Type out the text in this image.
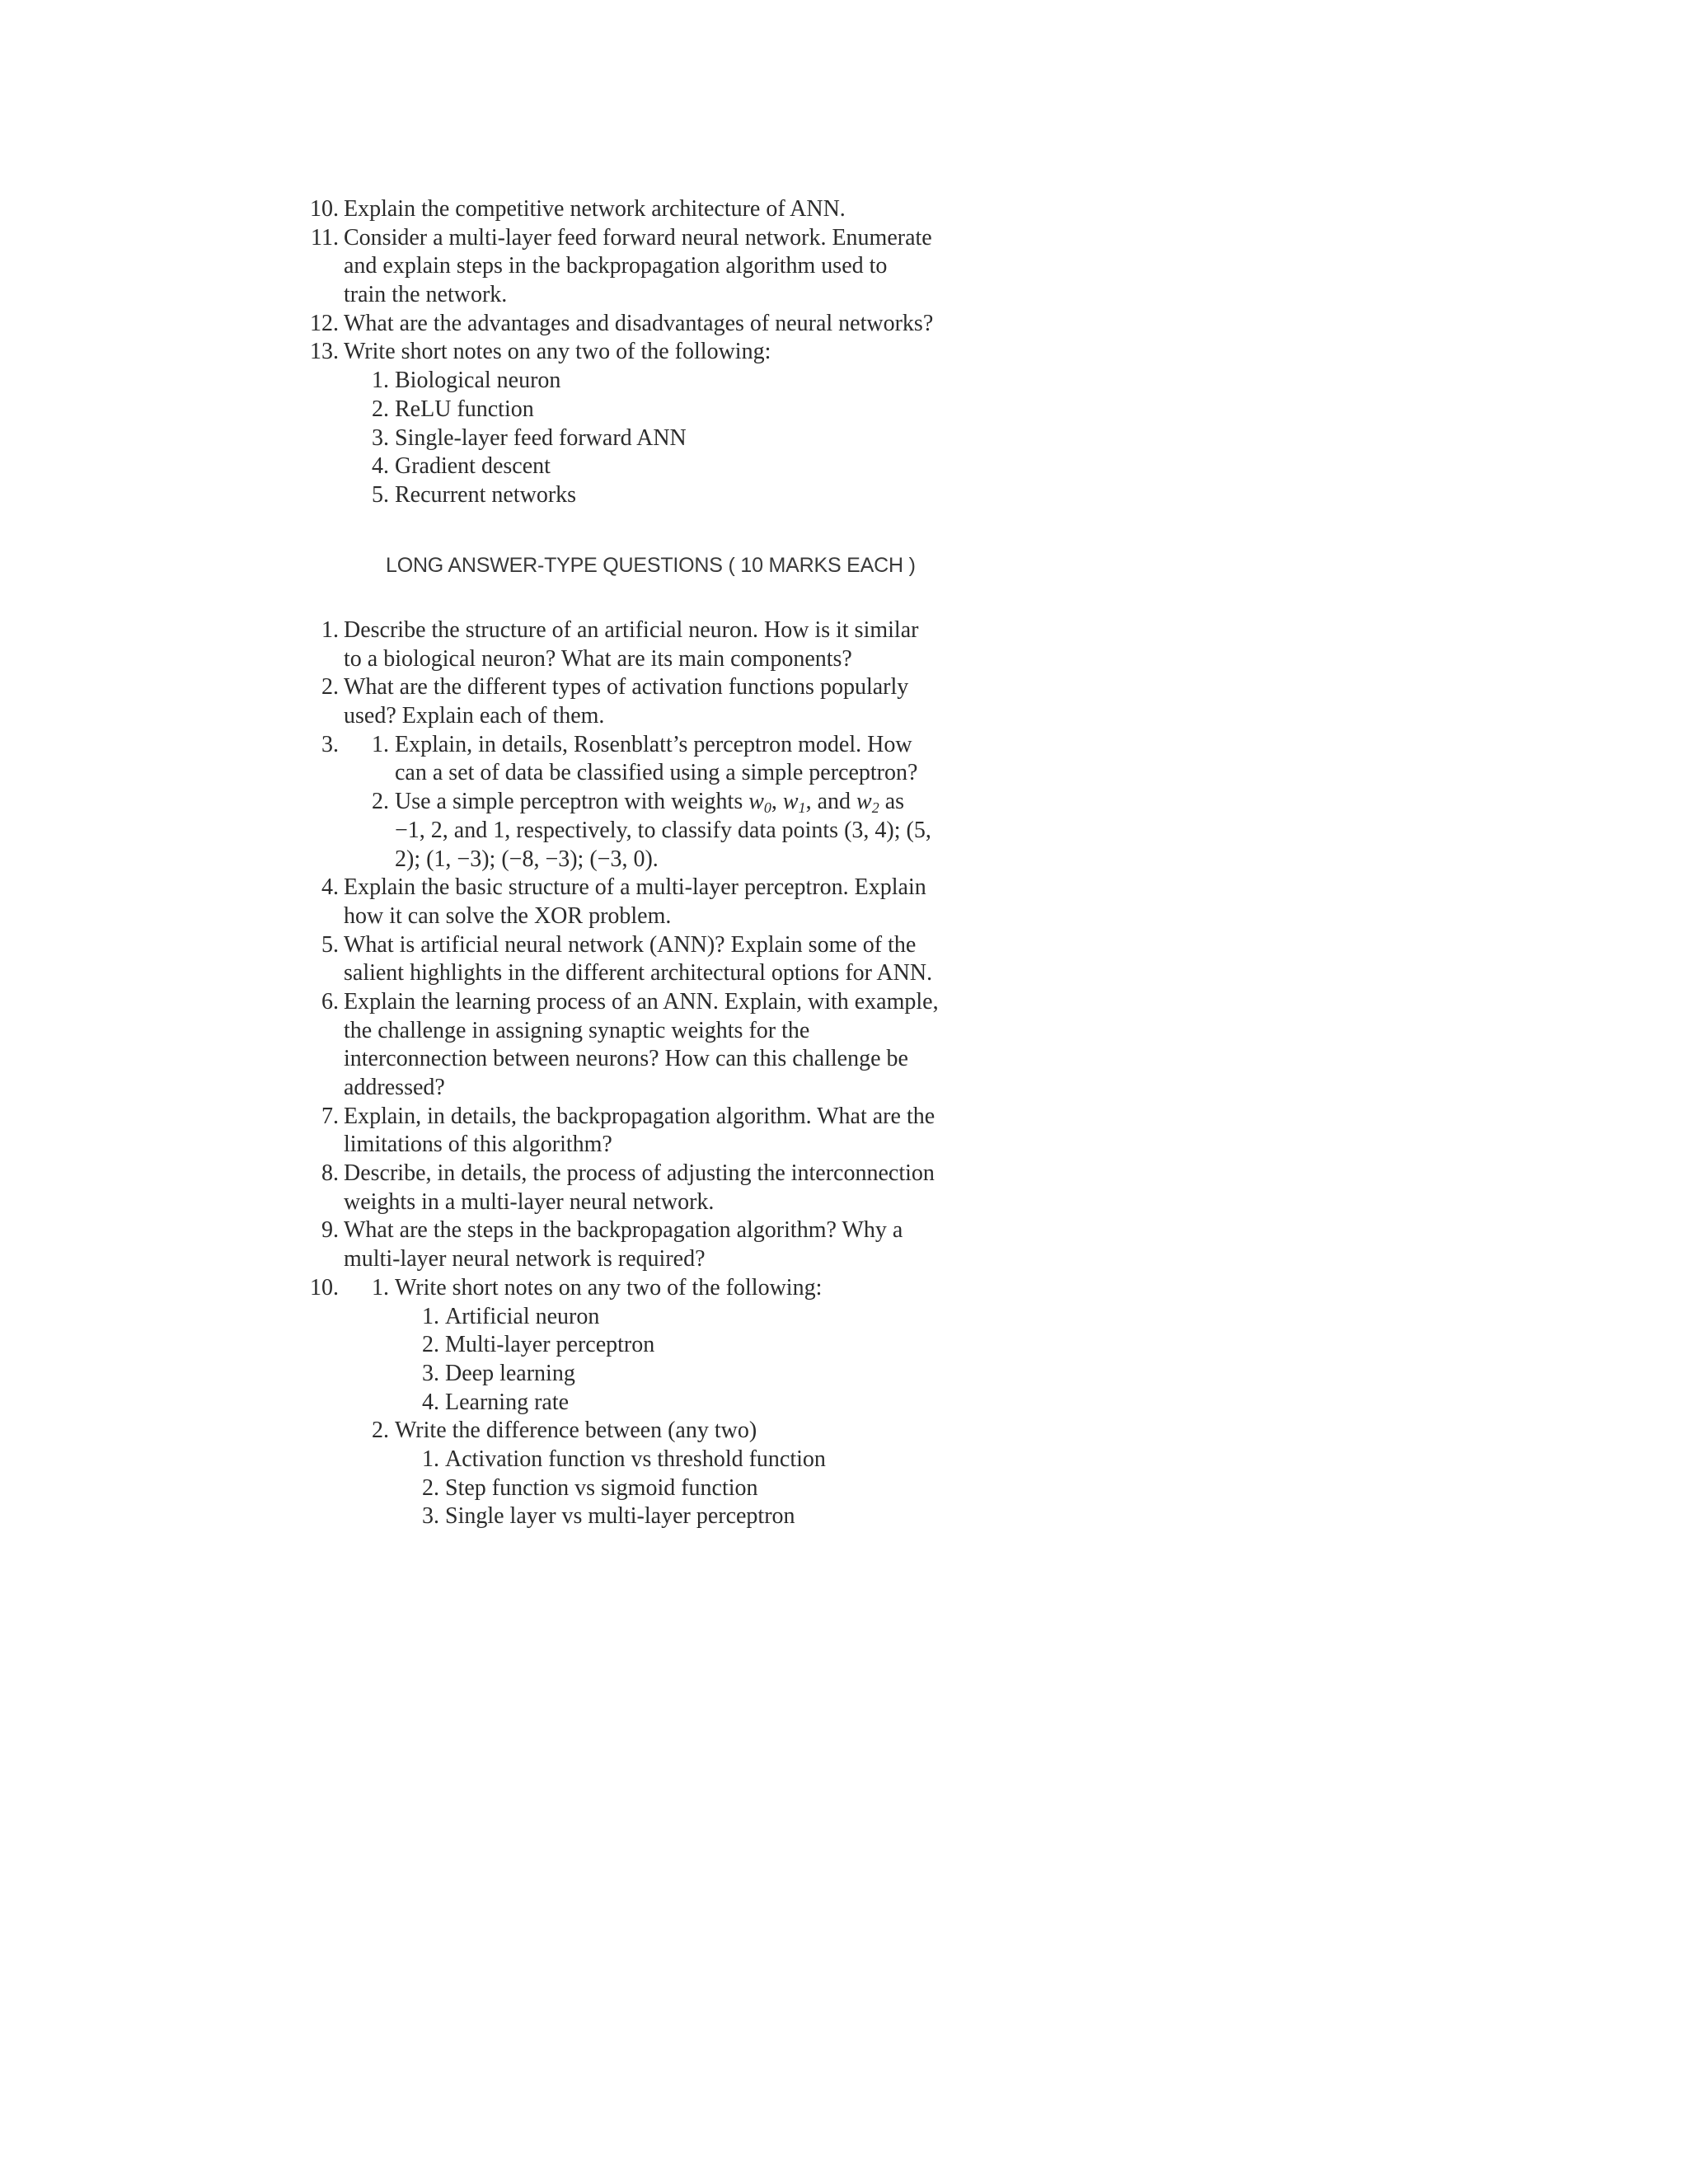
10. Explain the competitive network architecture of ANN.
11. Consider a multi-layer feed forward neural network. Enumerate
and explain steps in the backpropagation algorithm used to
train the network.
12. What are the advantages and disadvantages of neural networks?
13. Write short notes on any two of the following:
1. Biological neuron
2. ReLU function
3. Single-layer feed forward ANN
4. Gradient descent
5. Recurrent networks
LONG ANSWER-TYPE QUESTIONS ( 10 MARKS EACH )
1. Describe the structure of an artificial neuron. How is it similar
to a biological neuron? What are its main components?
2. What are the different types of activation functions popularly
used? Explain each of them.
3.	1. Explain, in details, Rosenblatt’s perceptron model. How
can a set of data be classified using a simple perceptron?
2. Use a simple perceptron with weights $w_0$, $w_1$, and $w_2$ as
−1, 2, and 1, respectively, to classify data points (3, 4); (5,
2); (1, −3); (−8, −3); (−3, 0).
4. Explain the basic structure of a multi-layer perceptron. Explain
how it can solve the XOR problem.
5. What is artificial neural network (ANN)? Explain some of the
salient highlights in the different architectural options for ANN.
6. Explain the learning process of an ANN. Explain, with example,
the challenge in assigning synaptic weights for the
interconnection between neurons? How can this challenge be
addressed?
7. Explain, in details, the backpropagation algorithm. What are the
limitations of this algorithm?
8. Describe, in details, the process of adjusting the interconnection
weights in a multi-layer neural network.
9. What are the steps in the backpropagation algorithm? Why a
multi-layer neural network is required?
10.	1. Write short notes on any two of the following:
1. Artificial neuron
2. Multi-layer perceptron
3. Deep learning
4. Learning rate
2. Write the difference between (any two)
1. Activation function vs threshold function
2. Step function vs sigmoid function
3. Single layer vs multi-layer perceptron
